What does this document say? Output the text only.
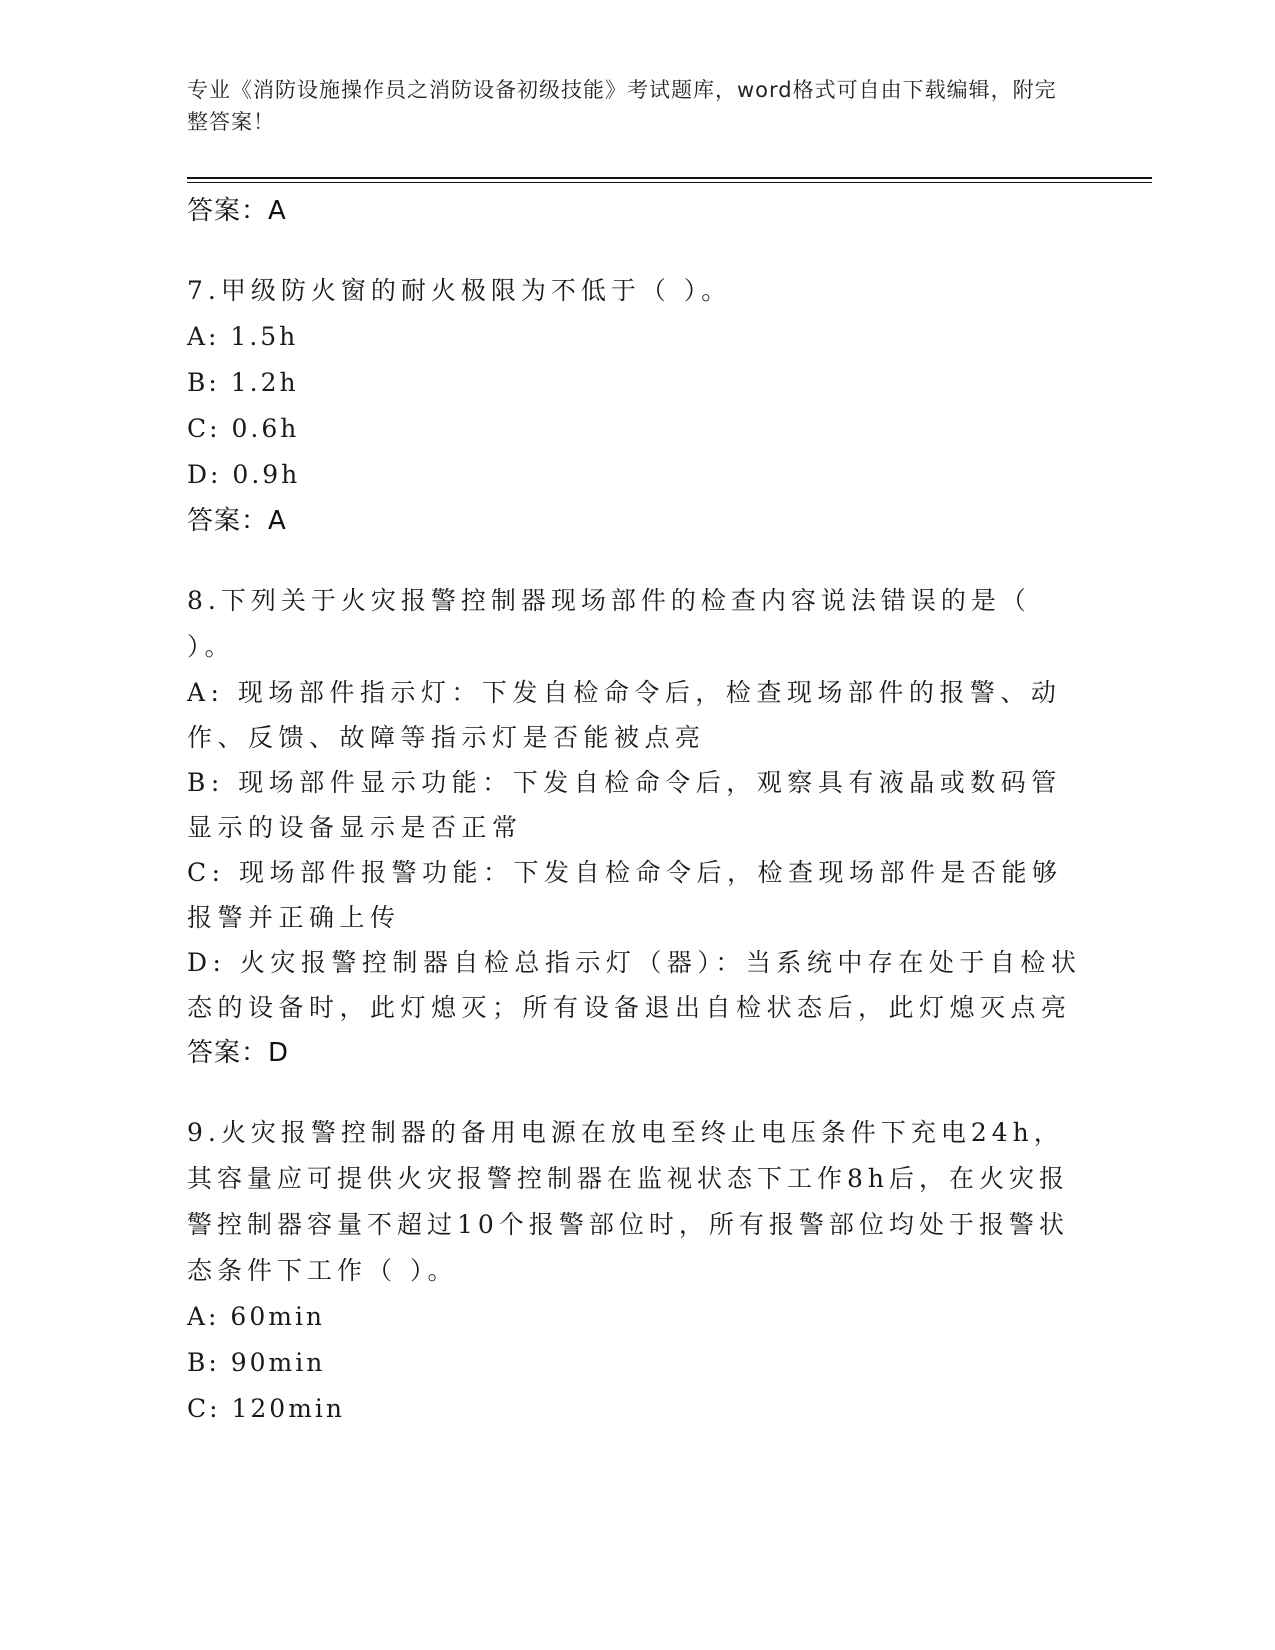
专业《消防设施操作员之消防设备初级技能》考试题库，word格式可自由下载编辑，附完整答案！
答案：A
7.甲级防火窗的耐火极限为不低于（ ）。
A: 1.5h
B: 1.2h
C: 0.6h
D: 0.9h
答案：A
8.下列关于火灾报警控制器现场部件的检查内容说法错误的是（ ）。
A: 现场部件指示灯：下发自检命令后，检查现场部件的报警、动作、反馈、故障等指示灯是否能被点亮
B: 现场部件显示功能：下发自检命令后，观察具有液晶或数码管显示的设备显示是否正常
C: 现场部件报警功能：下发自检命令后，检查现场部件是否能够报警并正确上传
D: 火灾报警控制器自检总指示灯（器）：当系统中存在处于自检状态的设备时，此灯熄灭；所有设备退出自检状态后，此灯熄灭点亮
答案：D
9.火灾报警控制器的备用电源在放电至终止电压条件下充电24h，其容量应可提供火灾报警控制器在监视状态下工作8h后，在火灾报警控制器容量不超过10个报警部位时，所有报警部位均处于报警状态条件下工作（ ）。
A: 60min
B: 90min
C: 120min
